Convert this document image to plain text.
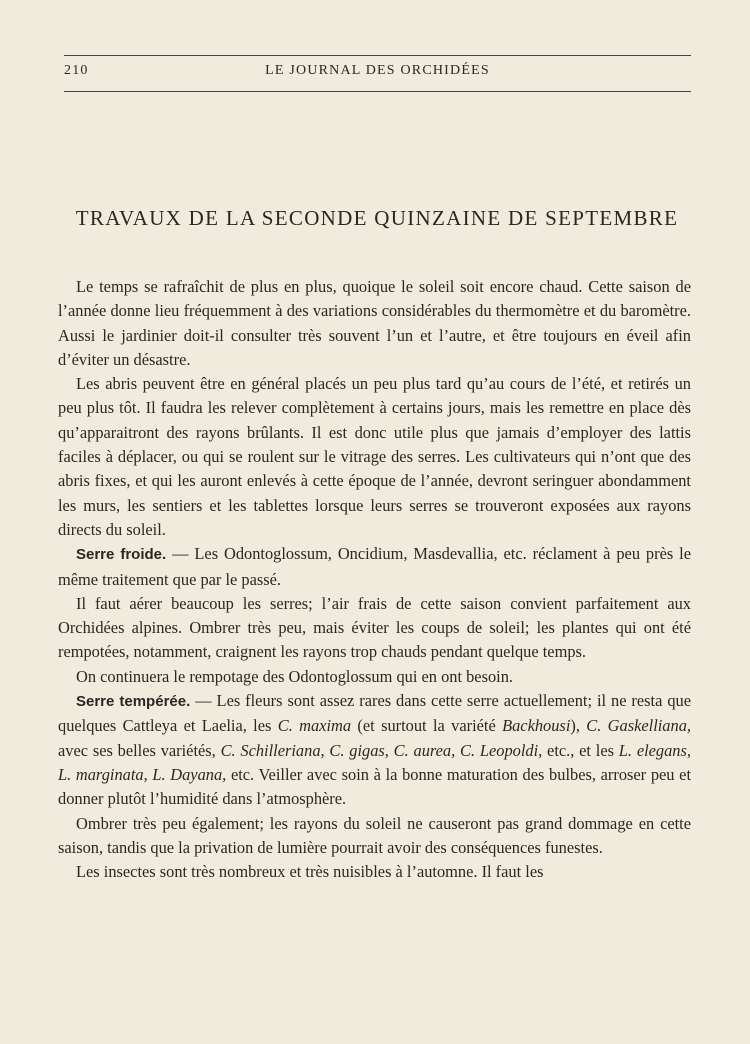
210	LE JOURNAL DES ORCHIDÉES
TRAVAUX DE LA SECONDE QUINZAINE DE SEPTEMBRE

Le temps se rafraîchit de plus en plus, quoique le soleil soit encore chaud. Cette saison de l’année donne lieu fréquemment à des variations considérables du thermomètre et du baromètre. Aussi le jardinier doit-il consulter très souvent l’un et l’autre, et être toujours en éveil afin d’éviter un désastre.

Les abris peuvent être en général placés un peu plus tard qu’au cours de l’été, et retirés un peu plus tôt. Il faudra les relever complètement à certains jours, mais les remettre en place dès qu’apparaitront des rayons brûlants. Il est donc utile plus que jamais d’employer des lattis faciles à déplacer, ou qui se roulent sur le vitrage des serres. Les cultivateurs qui n’ont que des abris fixes, et qui les auront enlevés à cette époque de l’année, devront seringuer abondamment les murs, les sentiers et les tablettes lorsque leurs serres se trouveront exposées aux rayons directs du soleil.

Serre froide. — Les Odontoglossum, Oncidium, Masdevallia, etc. réclament à peu près le même traitement que par le passé.

Il faut aérer beaucoup les serres; l’air frais de cette saison convient parfaitement aux Orchidées alpines. Ombrer très peu, mais éviter les coups de soleil; les plantes qui ont été rempotées, notamment, craignent les rayons trop chauds pendant quelque temps.

On continuera le rempotage des Odontoglossum qui en ont besoin.

Serre tempérée. — Les fleurs sont assez rares dans cette serre actuellement; il ne resta que quelques Cattleya et Laelia, les C. maxima (et surtout la variété Backhousi), C. Gaskelliana, avec ses belles variétés, C. Schilleriana, C. gigas, C. aurea, C. Leopoldi, etc., et les L. elegans, L. marginata, L. Dayana, etc. Veiller avec soin à la bonne maturation des bulbes, arroser peu et donner plutôt l’humidité dans l’atmosphère.

Ombrer très peu également; les rayons du soleil ne causeront pas grand dommage en cette saison, tandis que la privation de lumière pourrait avoir des conséquences funestes.

Les insectes sont très nombreux et très nuisibles à l’automne. Il faut les
